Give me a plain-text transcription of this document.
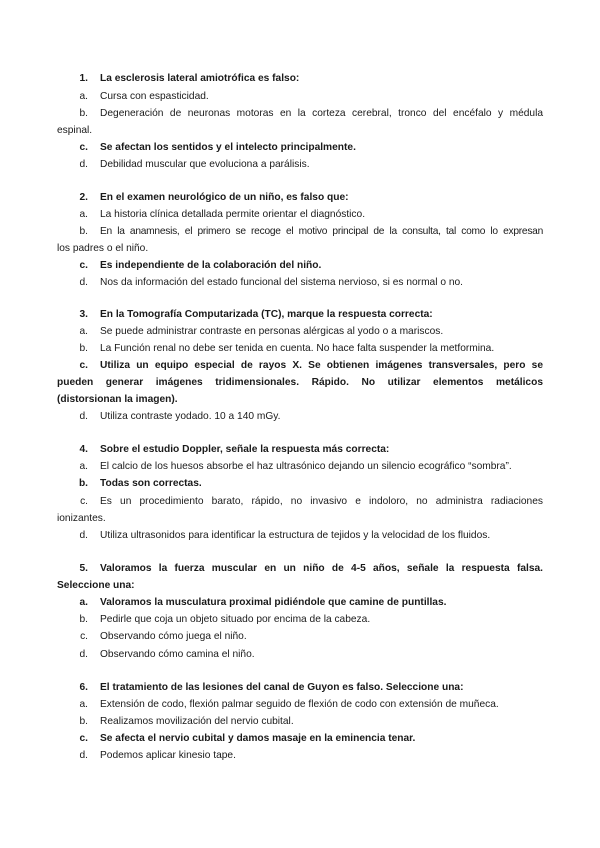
1. La esclerosis lateral amiotrófica es falso:
a. Cursa con espasticidad.
b. Degeneración de neuronas motoras en la corteza cerebral, tronco del encéfalo y médula
espinal.
c. Se afectan los sentidos y el intelecto principalmente.
d. Debilidad muscular que evoluciona a parálisis.
2. En el examen neurológico de un niño, es falso que:
a. La historia clínica detallada permite orientar el diagnóstico.
b. En la anamnesis, el primero se recoge el motivo principal de la consulta, tal como lo expresan
los padres o el niño.
c. Es independiente de la colaboración del niño.
d. Nos da información del estado funcional del sistema nervioso, si es normal o no.
3. En la Tomografía Computarizada (TC), marque la respuesta correcta:
a. Se puede administrar contraste en personas alérgicas al yodo o a mariscos.
b. La Función renal no debe ser tenida en cuenta. No hace falta suspender la metformina.
c. Utiliza un equipo especial de rayos X. Se obtienen imágenes transversales, pero se
pueden generar imágenes tridimensionales. Rápido. No utilizar elementos metálicos
(distorsionan la imagen).
d. Utiliza contraste yodado. 10 a 140 mGy.
4. Sobre el estudio Doppler, señale la respuesta más correcta:
a. El calcio de los huesos absorbe el haz ultrasónico dejando un silencio ecográfico “sombra”.
b. Todas son correctas.
c. Es un procedimiento barato, rápido, no invasivo e indoloro, no administra radiaciones
ionizantes.
d. Utiliza ultrasonidos para identificar la estructura de tejidos y la velocidad de los fluidos.
5. Valoramos la fuerza muscular en un niño de 4-5 años, señale la respuesta falsa.
Seleccione una:
a. Valoramos la musculatura proximal pidiéndole que camine de puntillas.
b. Pedirle que coja un objeto situado por encima de la cabeza.
c. Observando cómo juega el niño.
d. Observando cómo camina el niño.
6. El tratamiento de las lesiones del canal de Guyon es falso. Seleccione una:
a. Extensión de codo, flexión palmar seguido de flexión de codo con extensión de muñeca.
b. Realizamos movilización del nervio cubital.
c. Se afecta el nervio cubital y damos masaje en la eminencia tenar.
d. Podemos aplicar kinesio tape.
